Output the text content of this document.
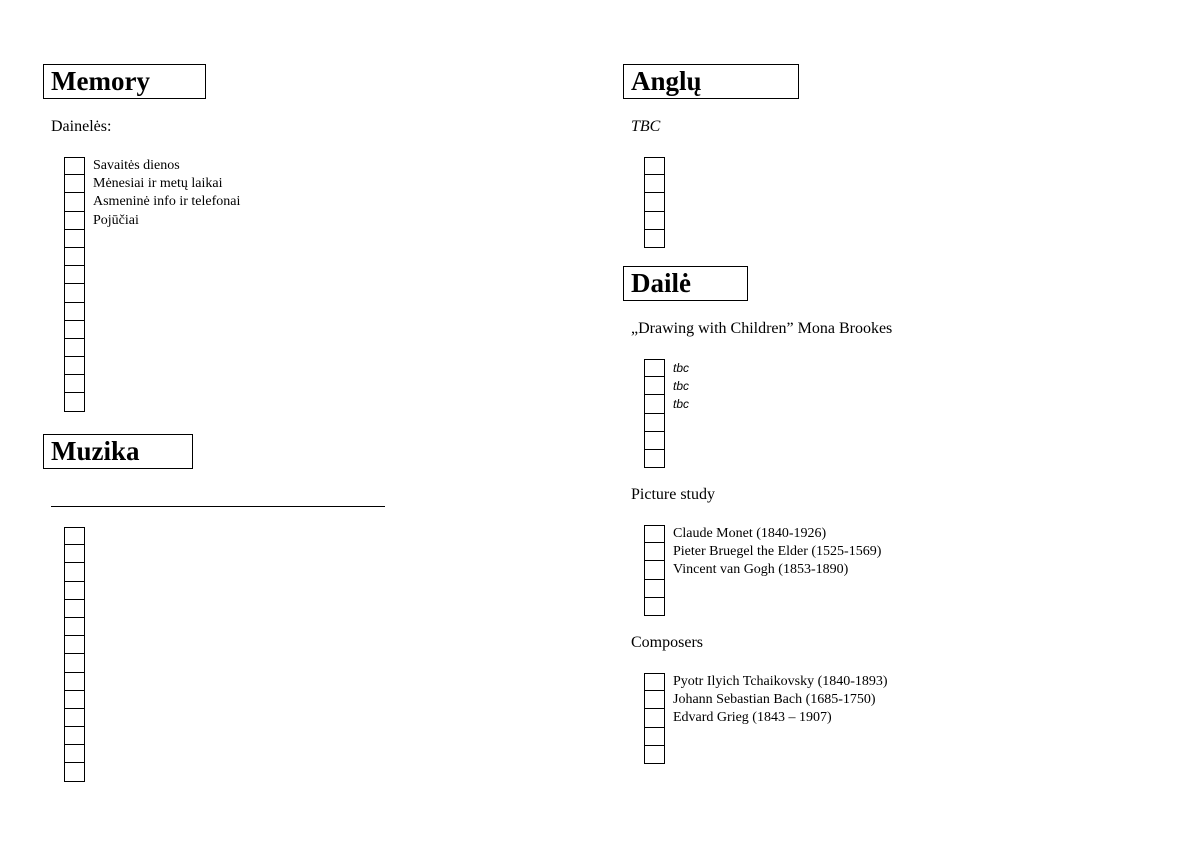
Memory
Dainelės:
Savaitės dienos
Mėnesiai ir metų laikai
Asmeninė info ir telefonai
Pojūčiai
Muzika
Anglų
TBC
Dailė
„Drawing with Children” Mona Brookes
tbc
tbc
tbc
Picture study
Claude Monet (1840-1926)
Pieter Bruegel the Elder (1525-1569)
Vincent van Gogh (1853-1890)
Composers
Pyotr Ilyich Tchaikovsky (1840-1893)
Johann Sebastian Bach (1685-1750)
Edvard Grieg (1843 – 1907)
